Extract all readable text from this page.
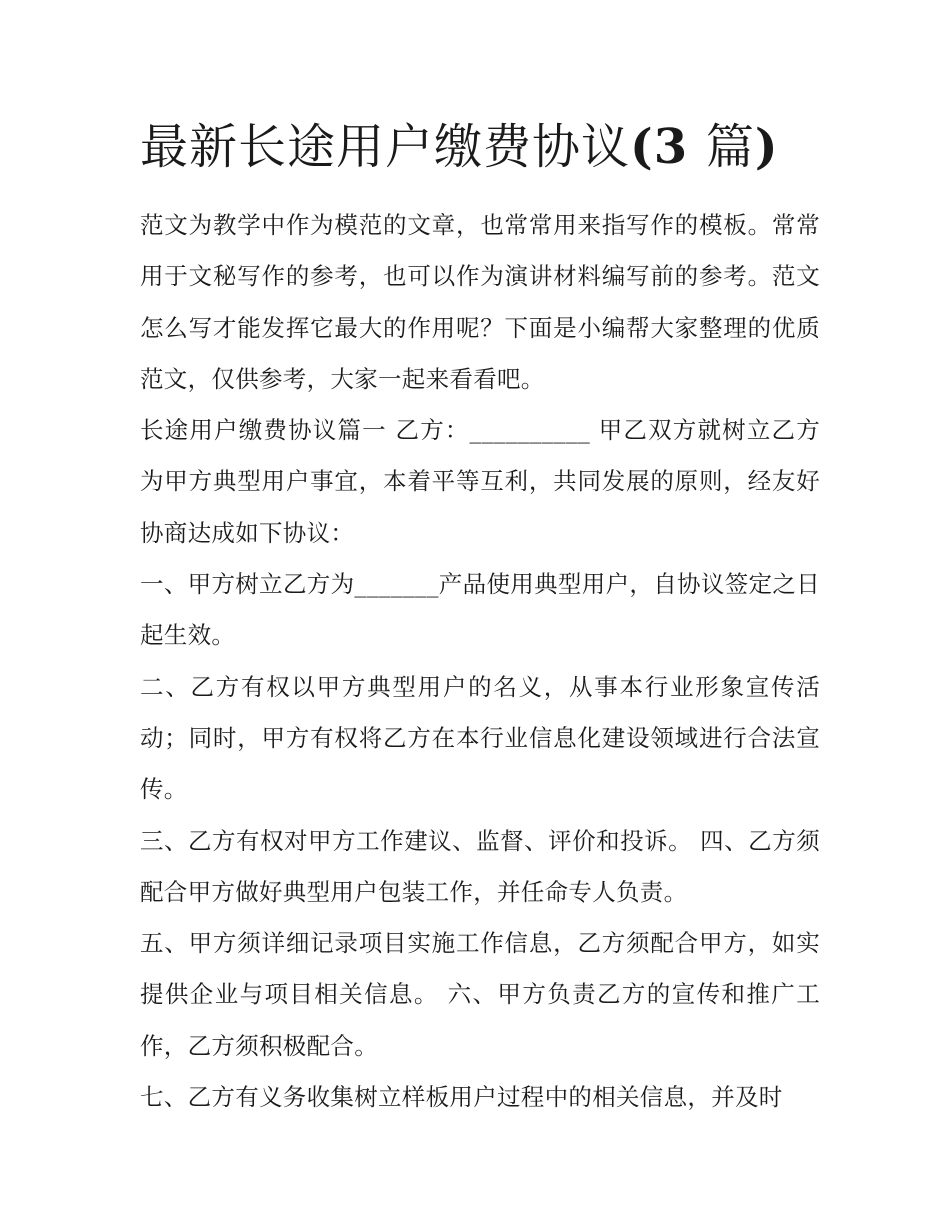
最新长途用户缴费协议(3 篇)

范文为教学中作为模范的文章，也常常用来指写作的模板。常常用于文秘写作的参考，也可以作为演讲材料编写前的参考。范文怎么写才能发挥它最大的作用呢？下面是小编帮大家整理的优质范文，仅供参考，大家一起来看看吧。

长途用户缴费协议篇一 乙方：__________ 甲乙双方就树立乙方为甲方典型用户事宜，本着平等互利，共同发展的原则，经友好协商达成如下协议：

一、甲方树立乙方为_______产品使用典型用户，自协议签定之日起生效。

二、乙方有权以甲方典型用户的名义，从事本行业形象宣传活动；同时，甲方有权将乙方在本行业信息化建设领域进行合法宣传。

三、乙方有权对甲方工作建议、监督、评价和投诉。 四、乙方须配合甲方做好典型用户包装工作，并任命专人负责。

五、甲方须详细记录项目实施工作信息，乙方须配合甲方，如实提供企业与项目相关信息。 六、甲方负责乙方的宣传和推广工作，乙方须积极配合。

七、乙方有义务收集树立样板用户过程中的相关信息，并及时
